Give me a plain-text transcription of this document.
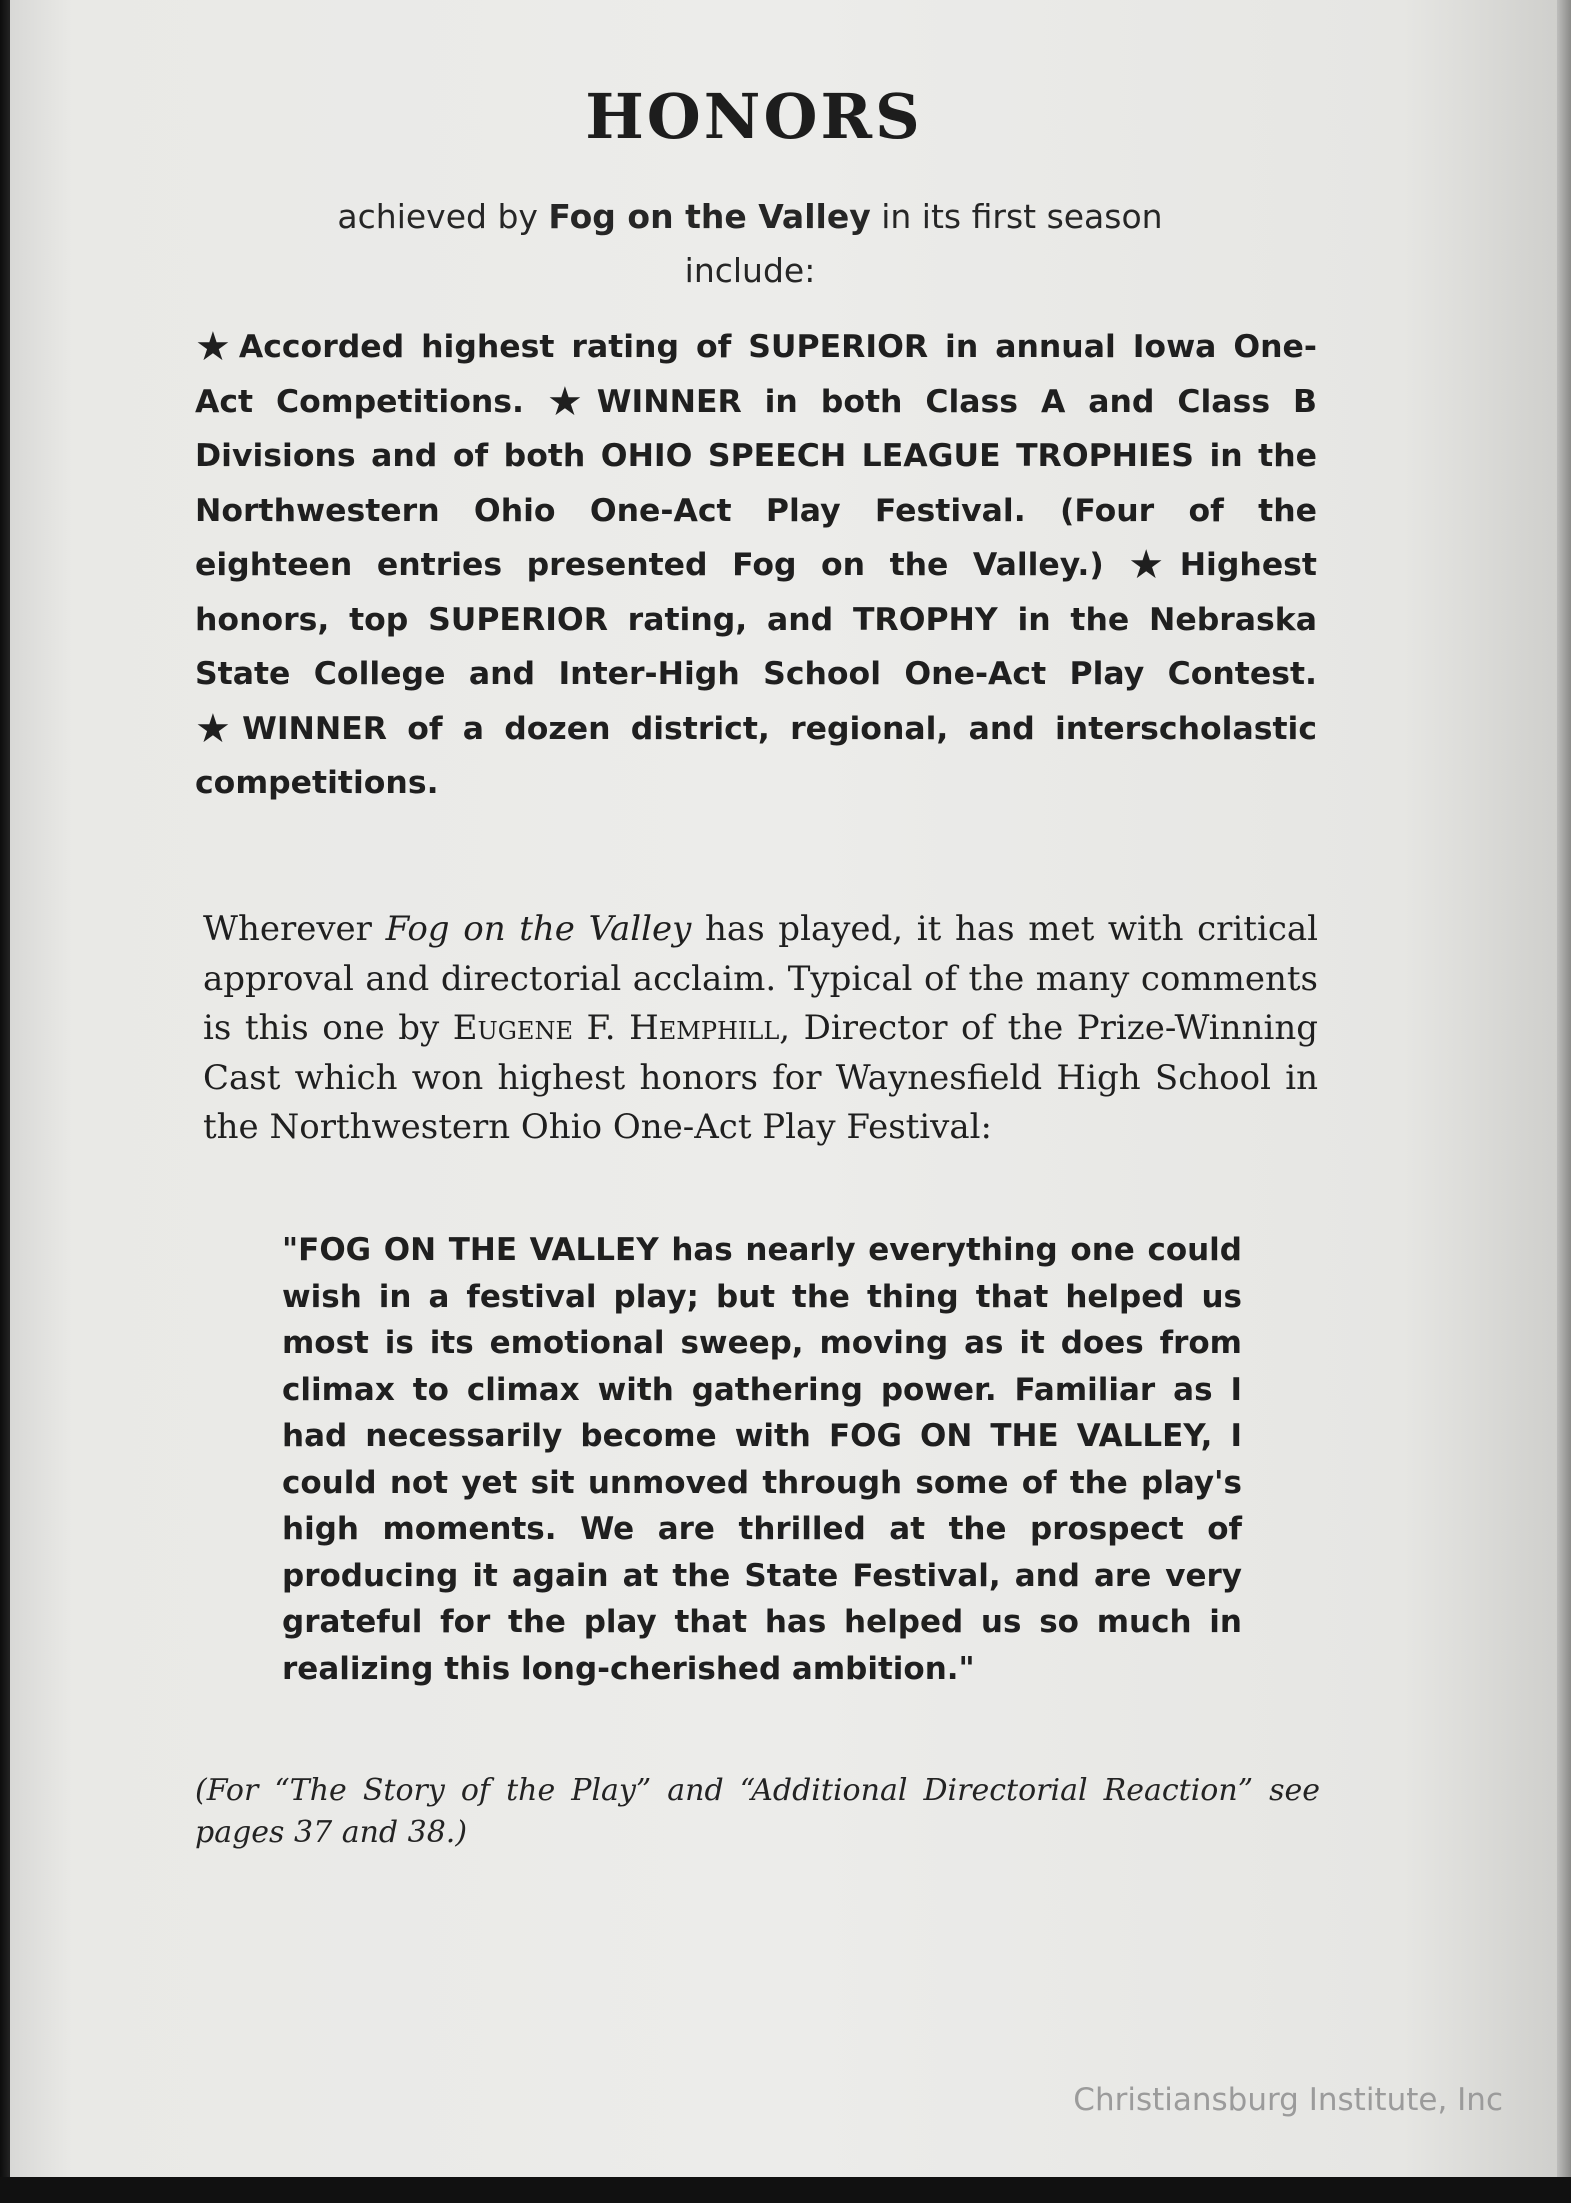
HONORS
achieved by Fog on the Valley in its first season
include:
★Accorded highest rating of SUPERIOR in annual Iowa One-Act Competitions. ★WINNER in both Class A and Class B Divisions and of both OHIO SPEECH LEAGUE TROPHIES in the Northwestern Ohio One-Act Play Festival. (Four of the eighteen entries presented Fog on the Valley.) ★Highest honors, top SUPERIOR rating, and TROPHY in the Nebraska State College and Inter-High School One-Act Play Contest. ★WINNER of a dozen district, regional, and interscholastic competitions.
Wherever Fog on the Valley has played, it has met with critical approval and directorial acclaim. Typical of the many comments is this one by Eugene F. Hemphill, Director of the Prize-Winning Cast which won highest honors for Waynesfield High School in the Northwestern Ohio One-Act Play Festival:
"FOG ON THE VALLEY has nearly everything one could wish in a festival play; but the thing that helped us most is its emotional sweep, moving as it does from climax to climax with gathering power. Familiar as I had necessarily become with FOG ON THE VALLEY, I could not yet sit unmoved through some of the play's high moments. We are thrilled at the prospect of producing it again at the State Festival, and are very grateful for the play that has helped us so much in realizing this long-cherished ambition."
(For “The Story of the Play” and “Additional Directorial Reaction” see pages 37 and 38.)
Christiansburg Institute, Inc
